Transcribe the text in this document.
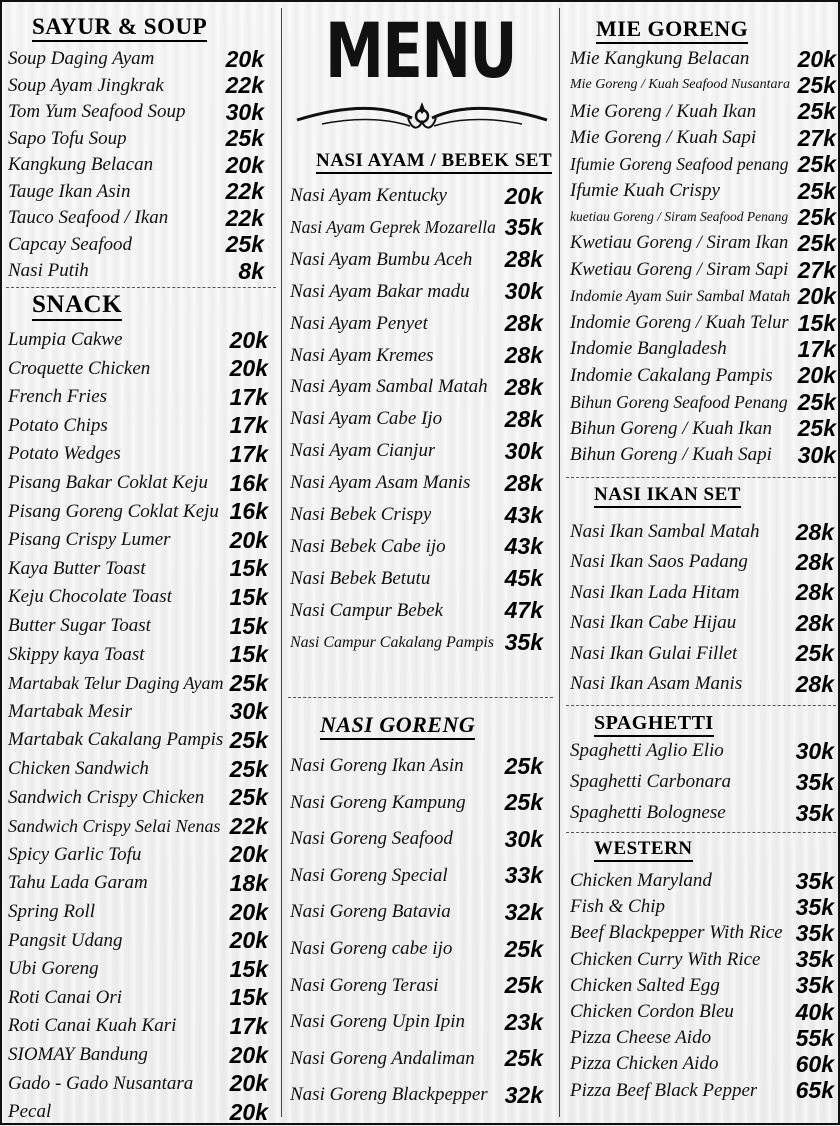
SAYUR & SOUP
Soup Daging Ayam	20k
Soup Ayam Jingkrak	22k
Tom Yum Seafood Soup 30k
Sapo Tofu Soup	25k
Kangkung Belacan	20k
Tauge Ikan Asin	22k
Tauco Seafood / Ikan 22k
Capcay Seafood	25k
Nasi Putih	8k
SNACK
Lumpia Cakwe	20k
Croquette Chicken	20k
French Fries	17k
Potato Chips	17k
Potato Wedges	17k
Pisang Bakar Coklat Keju 16k
Pisang Goreng Coklat Keju 16k
Pisang Crispy Lumer	20k
Kaya Butter Toast	15k
Keju Chocolate Toast	15k
Butter Sugar Toast	15k
Skippy kaya Toast	15k
Martabak Telur Daging Ayam 25k
Martabak Mesir	30k
Martabak Cakalang Pampis 25k
Chicken Sandwich	25k
Sandwich Crispy Chicken 25k
Sandwich Crispy Selai Nenas 22k
Spicy Garlic Tofu	20k
Tahu Lada Garam	18k
Spring Roll	20k
Pangsit Udang	20k
Ubi Goreng	15k
Roti Canai Ori	15k
Roti Canai Kuah Kari 17k
SIOMAY Bandung	20k
Gado - Gado Nusantara 20k
Pecal	20k
MENU
NASI AYAM / BEBEK SET
Nasi Ayam Kentucky	20k
Nasi Ayam Geprek Mozarella 35k
Nasi Ayam Bumbu Aceh 28k
Nasi Ayam Bakar madu 30k
Nasi Ayam Penyet	28k
Nasi Ayam Kremes	28k
Nasi Ayam Sambal Matah 28k
Nasi Ayam Cabe Ijo	28k
Nasi Ayam Cianjur	30k
Nasi Ayam Asam Manis 28k
Nasi Bebek Crispy	43k
Nasi Bebek Cabe ijo	43k
Nasi Bebek Betutu	45k
Nasi Campur Bebek	47k
Nasi Campur Cakalang Pampis 35k
NASI GORENG
Nasi Goreng Ikan Asin 25k
Nasi Goreng Kampung 25k
Nasi Goreng Seafood 30k
Nasi Goreng Special 33k
Nasi Goreng Batavia 32k
Nasi Goreng cabe ijo 25k
Nasi Goreng Terasi	25k
Nasi Goreng Upin Ipin 23k
Nasi Goreng Andaliman 25k
Nasi Goreng Blackpepper 32k
MIE GORENG
Mie Kangkung Belacan 20k
Mie Goreng / Kuah Seafood Nusantara 25k
Mie Goreng / Kuah Ikan 25k
Mie Goreng / Kuah Sapi 27k
Ifumie Goreng Seafood penang 25k
Ifumie Kuah Crispy	25k
kuetiau Goreng / Siram Seafood Penang 25k
Kwetiau Goreng / Siram Ikan 25k
Kwetiau Goreng / Siram Sapi 27k
Indomie Ayam Suir Sambal Matah 20k
Indomie Goreng / Kuah Telur 15k
Indomie Bangladesh	17k
Indomie Cakalang Pampis 20k
Bihun Goreng Seafood Penang 25k
Bihun Goreng / Kuah Ikan 25k
Bihun Goreng / Kuah Sapi 30k
NASI IKAN SET
Nasi Ikan Sambal Matah 28k
Nasi Ikan Saos Padang 28k
Nasi Ikan Lada Hitam 28k
Nasi Ikan Cabe Hijau	28k
Nasi Ikan Gulai Fillet	25k
Nasi Ikan Asam Manis 28k
SPAGHETTI
Spaghetti Aglio Elio	30k
Spaghetti Carbonara	35k
Spaghetti Bolognese	35k
WESTERN
Chicken Maryland	35k
Fish & Chip	35k
Beef Blackpepper With Rice 35k
Chicken Curry With Rice 35k
Chicken Salted Egg	35k
Chicken Cordon Bleu	40k
Pizza Cheese Aido	55k
Pizza Chicken Aido	60k
Pizza Beef Black Pepper 65k
